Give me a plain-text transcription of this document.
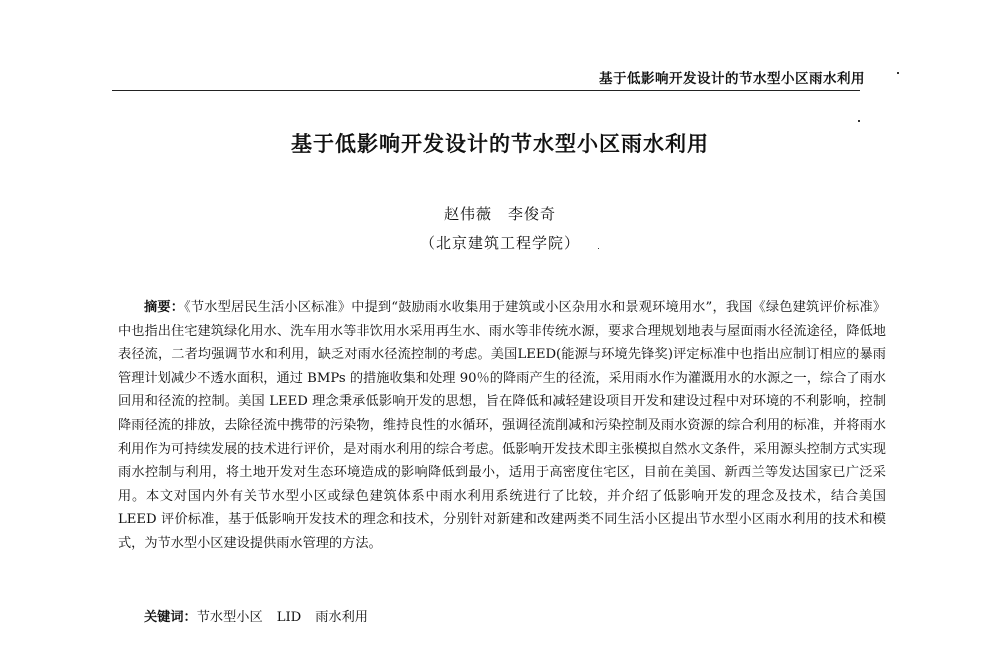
基于低影响开发设计的节水型小区雨水利用
基于低影响开发设计的节水型小区雨水利用
赵伟薇　李俊奇
（北京建筑工程学院）

摘要：《节水型居民生活小区标准》中提到“鼓励雨水收集用于建筑或小区杂用水和景观环境用水”，我国《绿色建筑评价标准》中也指出住宅建筑绿化用水、洗车用水等非饮用水采用再生水、雨水等非传统水源，要求合理规划地表与屋面雨水径流途径，降低地表径流，二者均强调节水和利用，缺乏对雨水径流控制的考虑。美国LEED(能源与环境先锋奖)评定标准中也指出应制订相应的暴雨管理计划减少不透水面积，通过 BMPs 的措施收集和处理 90％的降雨产生的径流，采用雨水作为灌溉用水的水源之一，综合了雨水回用和径流的控制。美国 LEED 理念秉承低影响开发的思想，旨在降低和减轻建设项目开发和建设过程中对环境的不利影响，控制降雨径流的排放，去除径流中携带的污染物，维持良性的水循环，强调径流削减和污染控制及雨水资源的综合利用的标准，并将雨水利用作为可持续发展的技术进行评价，是对雨水利用的综合考虑。低影响开发技术即主张模拟自然水文条件，采用源头控制方式实现雨水控制与利用，将土地开发对生态环境造成的影响降低到最小，适用于高密度住宅区，目前在美国、新西兰等发达国家已广泛采用。本文对国内外有关节水型小区或绿色建筑体系中雨水利用系统进行了比较，并介绍了低影响开发的理念及技术，结合美国 LEED 评价标准，基于低影响开发技术的理念和技术，分别针对新建和改建两类不同生活小区提出节水型小区雨水利用的技术和模式，为节水型小区建设提供雨水管理的方法。

关键词：节水型小区 LID 雨水利用
